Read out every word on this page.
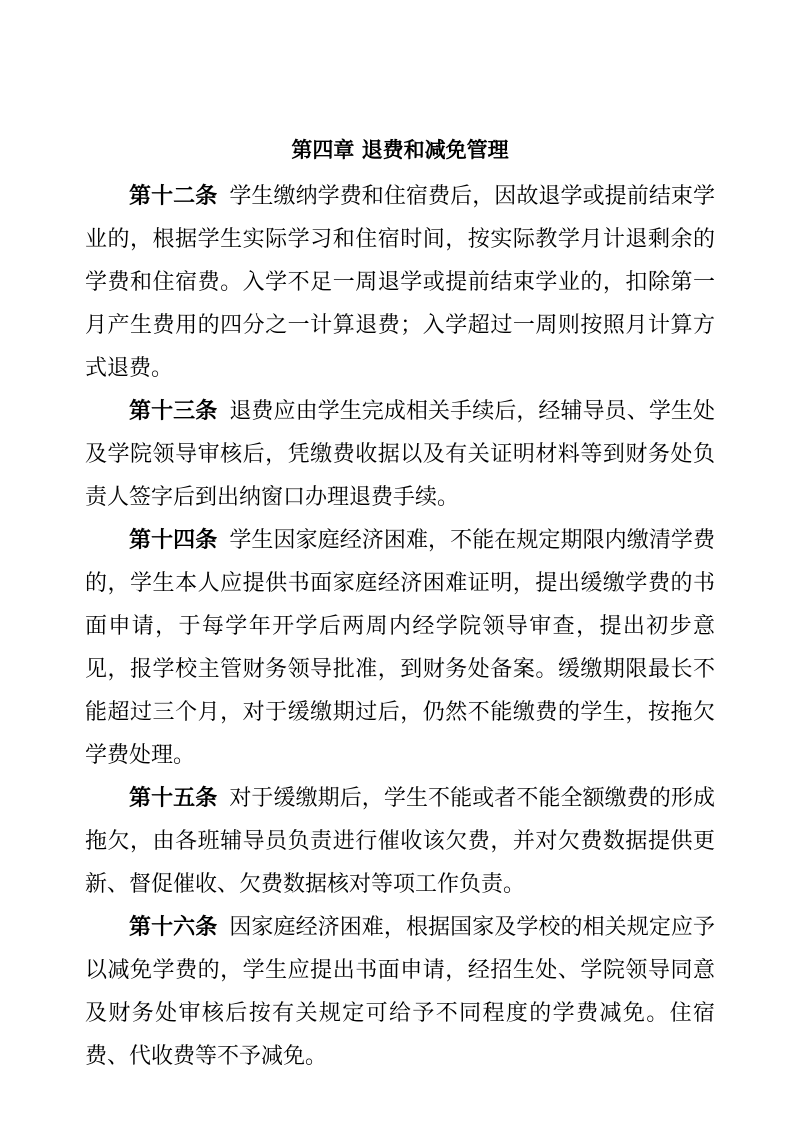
第四章 退费和减免管理

第十二条 学生缴纳学费和住宿费后，因故退学或提前结束学业的，根据学生实际学习和住宿时间，按实际教学月计退剩余的学费和住宿费。入学不足一周退学或提前结束学业的，扣除第一月产生费用的四分之一计算退费；入学超过一周则按照月计算方式退费。

第十三条 退费应由学生完成相关手续后，经辅导员、学生处及学院领导审核后，凭缴费收据以及有关证明材料等到财务处负责人签字后到出纳窗口办理退费手续。

第十四条 学生因家庭经济困难，不能在规定期限内缴清学费的，学生本人应提供书面家庭经济困难证明，提出缓缴学费的书面申请，于每学年开学后两周内经学院领导审查，提出初步意见，报学校主管财务领导批准，到财务处备案。缓缴期限最长不能超过三个月，对于缓缴期过后，仍然不能缴费的学生，按拖欠学费处理。

第十五条 对于缓缴期后，学生不能或者不能全额缴费的形成拖欠，由各班辅导员负责进行催收该欠费，并对欠费数据提供更新、督促催收、欠费数据核对等项工作负责。

第十六条 因家庭经济困难，根据国家及学校的相关规定应予以减免学费的，学生应提出书面申请，经招生处、学院领导同意及财务处审核后按有关规定可给予不同程度的学费减免。住宿费、代收费等不予减免。
